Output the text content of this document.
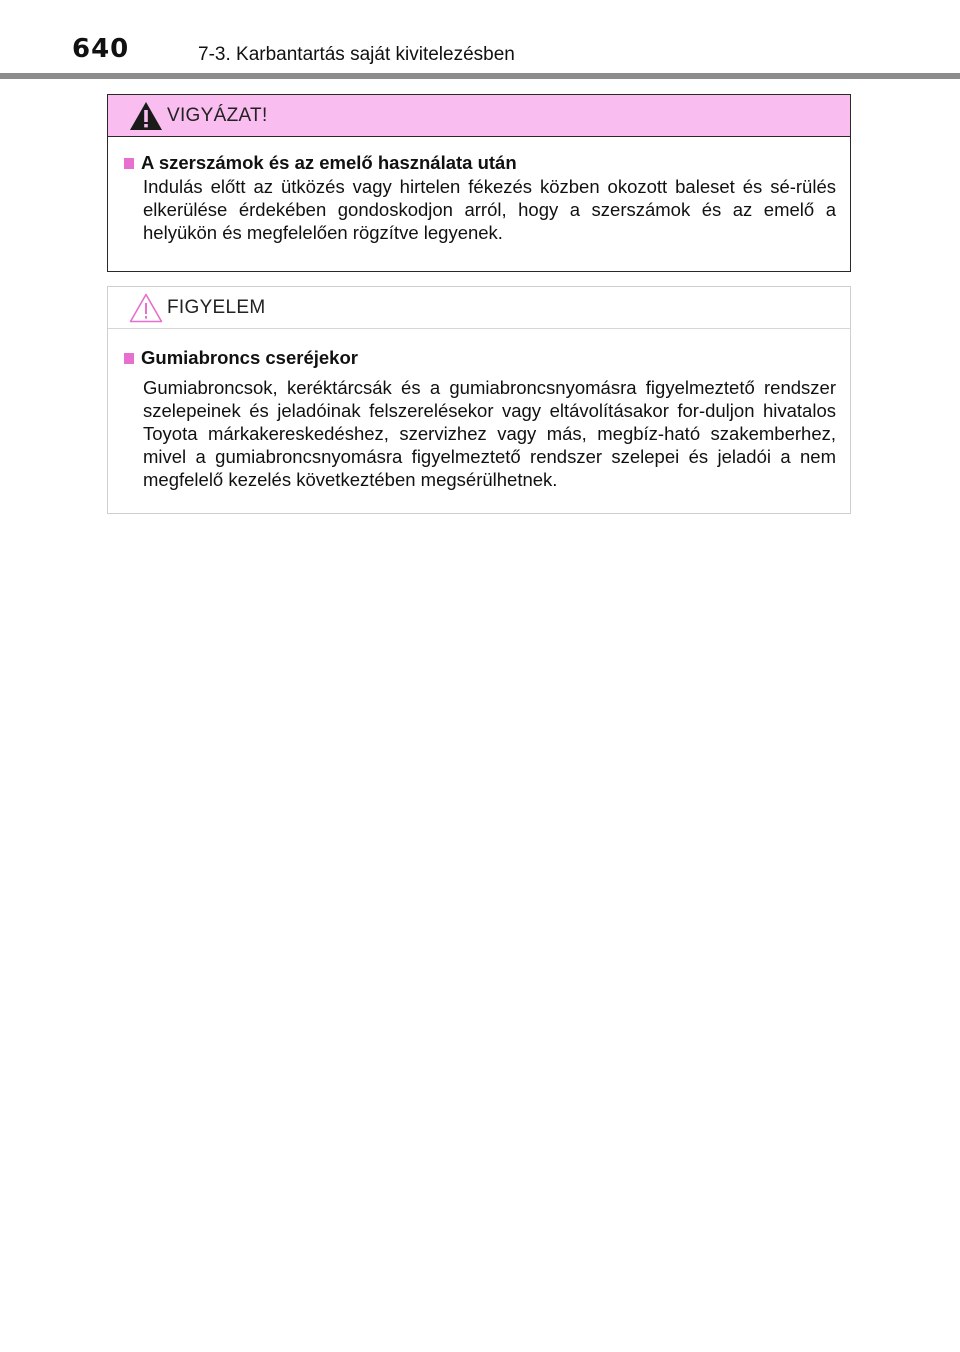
640	7-3. Karbantartás saját kivitelezésben
VIGYÁZAT!
A szerszámok és az emelő használata után
Indulás előtt az ütközés vagy hirtelen fékezés közben okozott baleset és sé-rülés elkerülése érdekében gondoskodjon arról, hogy a szerszámok és az emelő a helyükön és megfelelően rögzítve legyenek.
FIGYELEM
Gumiabroncs cseréjekor
Gumiabroncsok, keréktárcsák és a gumiabroncsnyomásra figyelmeztető rendszer szelepeinek és jeladóinak felszerelésekor vagy eltávolításakor for-duljon hivatalos Toyota márkakereskedéshez, szervizhez vagy más, megbíz-ható szakemberhez, mivel a gumiabroncsnyomásra figyelmeztető rendszer szelepei és jeladói a nem megfelelő kezelés következtében megsérülhetnek.
